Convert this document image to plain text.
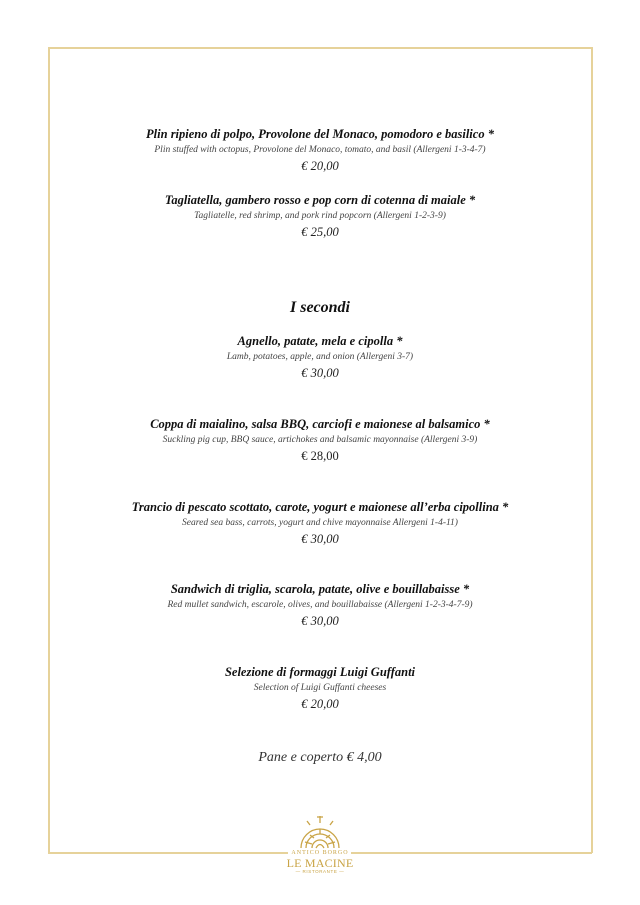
Plin ripieno di polpo, Provolone del Monaco, pomodoro e basilico *
Plin stuffed with octopus, Provolone del Monaco, tomato, and basil (Allergeni 1-3-4-7)
€ 20,00
Tagliatella, gambero rosso e pop corn di cotenna di maiale *
Tagliatelle, red shrimp, and pork rind popcorn (Allergeni 1-2-3-9)
€ 25,00
I secondi
Agnello, patate, mela e cipolla *
Lamb, potatoes, apple, and onion (Allergeni 3-7)
€ 30,00
Coppa di maialino, salsa BBQ, carciofi e maionese al balsamico *
Suckling pig cup, BBQ sauce, artichokes and balsamic mayonnaise (Allergeni 3-9)
€ 28,00
Trancio di pescato scottato, carote, yogurt e maionese all’erba cipollina *
Seared sea bass, carrots, yogurt and chive mayonnaise Allergeni 1-4-11)
€ 30,00
Sandwich di triglia, scarola, patate, olive e bouillabaisse *
Red mullet sandwich, escarole, olives, and bouillabaisse (Allergeni 1-2-3-4-7-9)
€ 30,00
Selezione di formaggi Luigi Guffanti
Selection of Luigi Guffanti cheeses
€ 20,00
Pane e coperto € 4,00
ANTICO BORGO
LE MACINE
— RISTORANTE —
